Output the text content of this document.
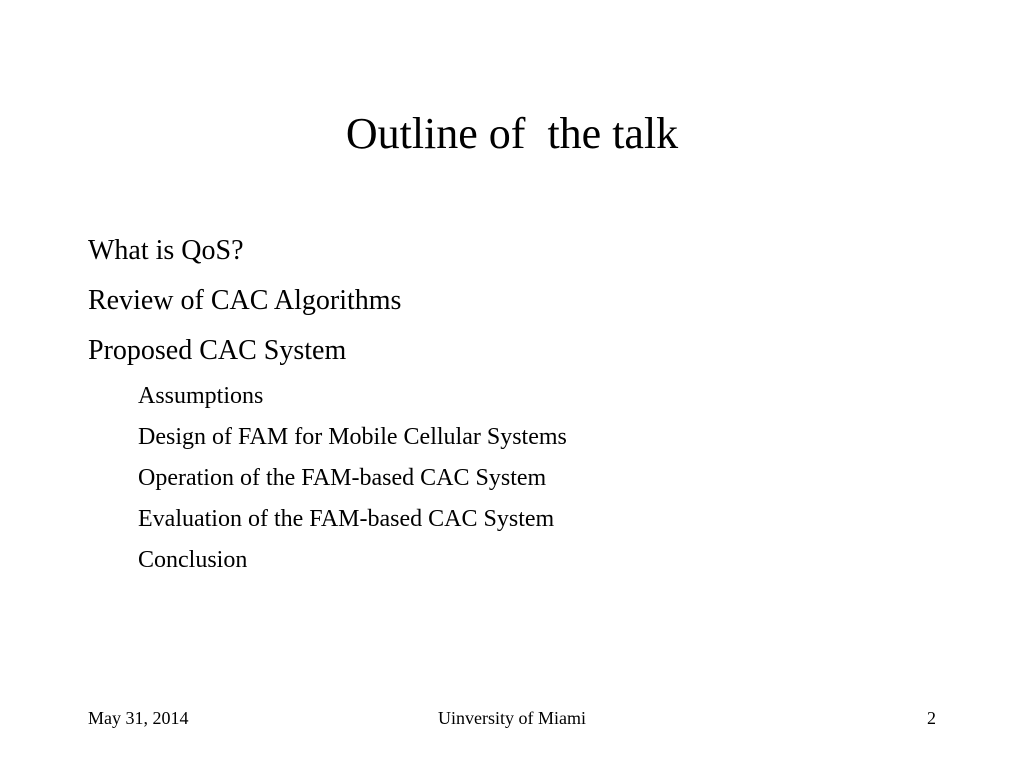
Outline of  the talk
What is QoS?
Review of CAC Algorithms
Proposed CAC System
Assumptions
Design of FAM for Mobile Cellular Systems
Operation of the FAM-based CAC System
Evaluation of the FAM-based CAC System
Conclusion
May 31, 2014	Uinversity of Miami	2
